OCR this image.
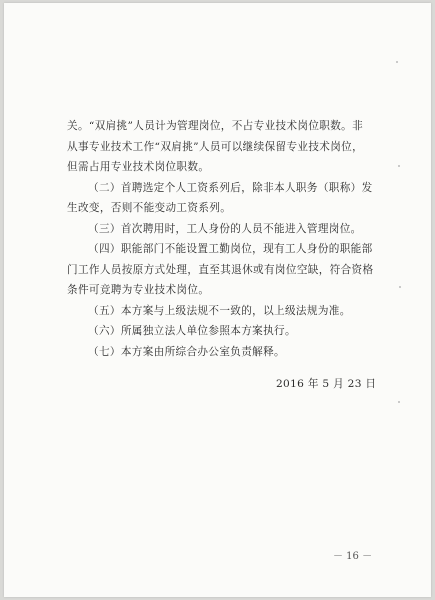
关。“双肩挑”人员计为管理岗位，不占专业技术岗位职数。非
从事专业技术工作“双肩挑”人员可以继续保留专业技术岗位，
但需占用专业技术岗位职数。
（二）首聘选定个人工资系列后，除非本人职务（职称）发
生改变，否则不能变动工资系列。
（三）首次聘用时，工人身份的人员不能进入管理岗位。
（四）职能部门不能设置工勤岗位，现有工人身份的职能部
门工作人员按原方式处理，直至其退休或有岗位空缺，符合资格
条件可竞聘为专业技术岗位。
（五）本方案与上级法规不一致的，以上级法规为准。
（六）所属独立法人单位参照本方案执行。
（七）本方案由所综合办公室负责解释。
2016 年 5 月 23 日
－ 16 －
